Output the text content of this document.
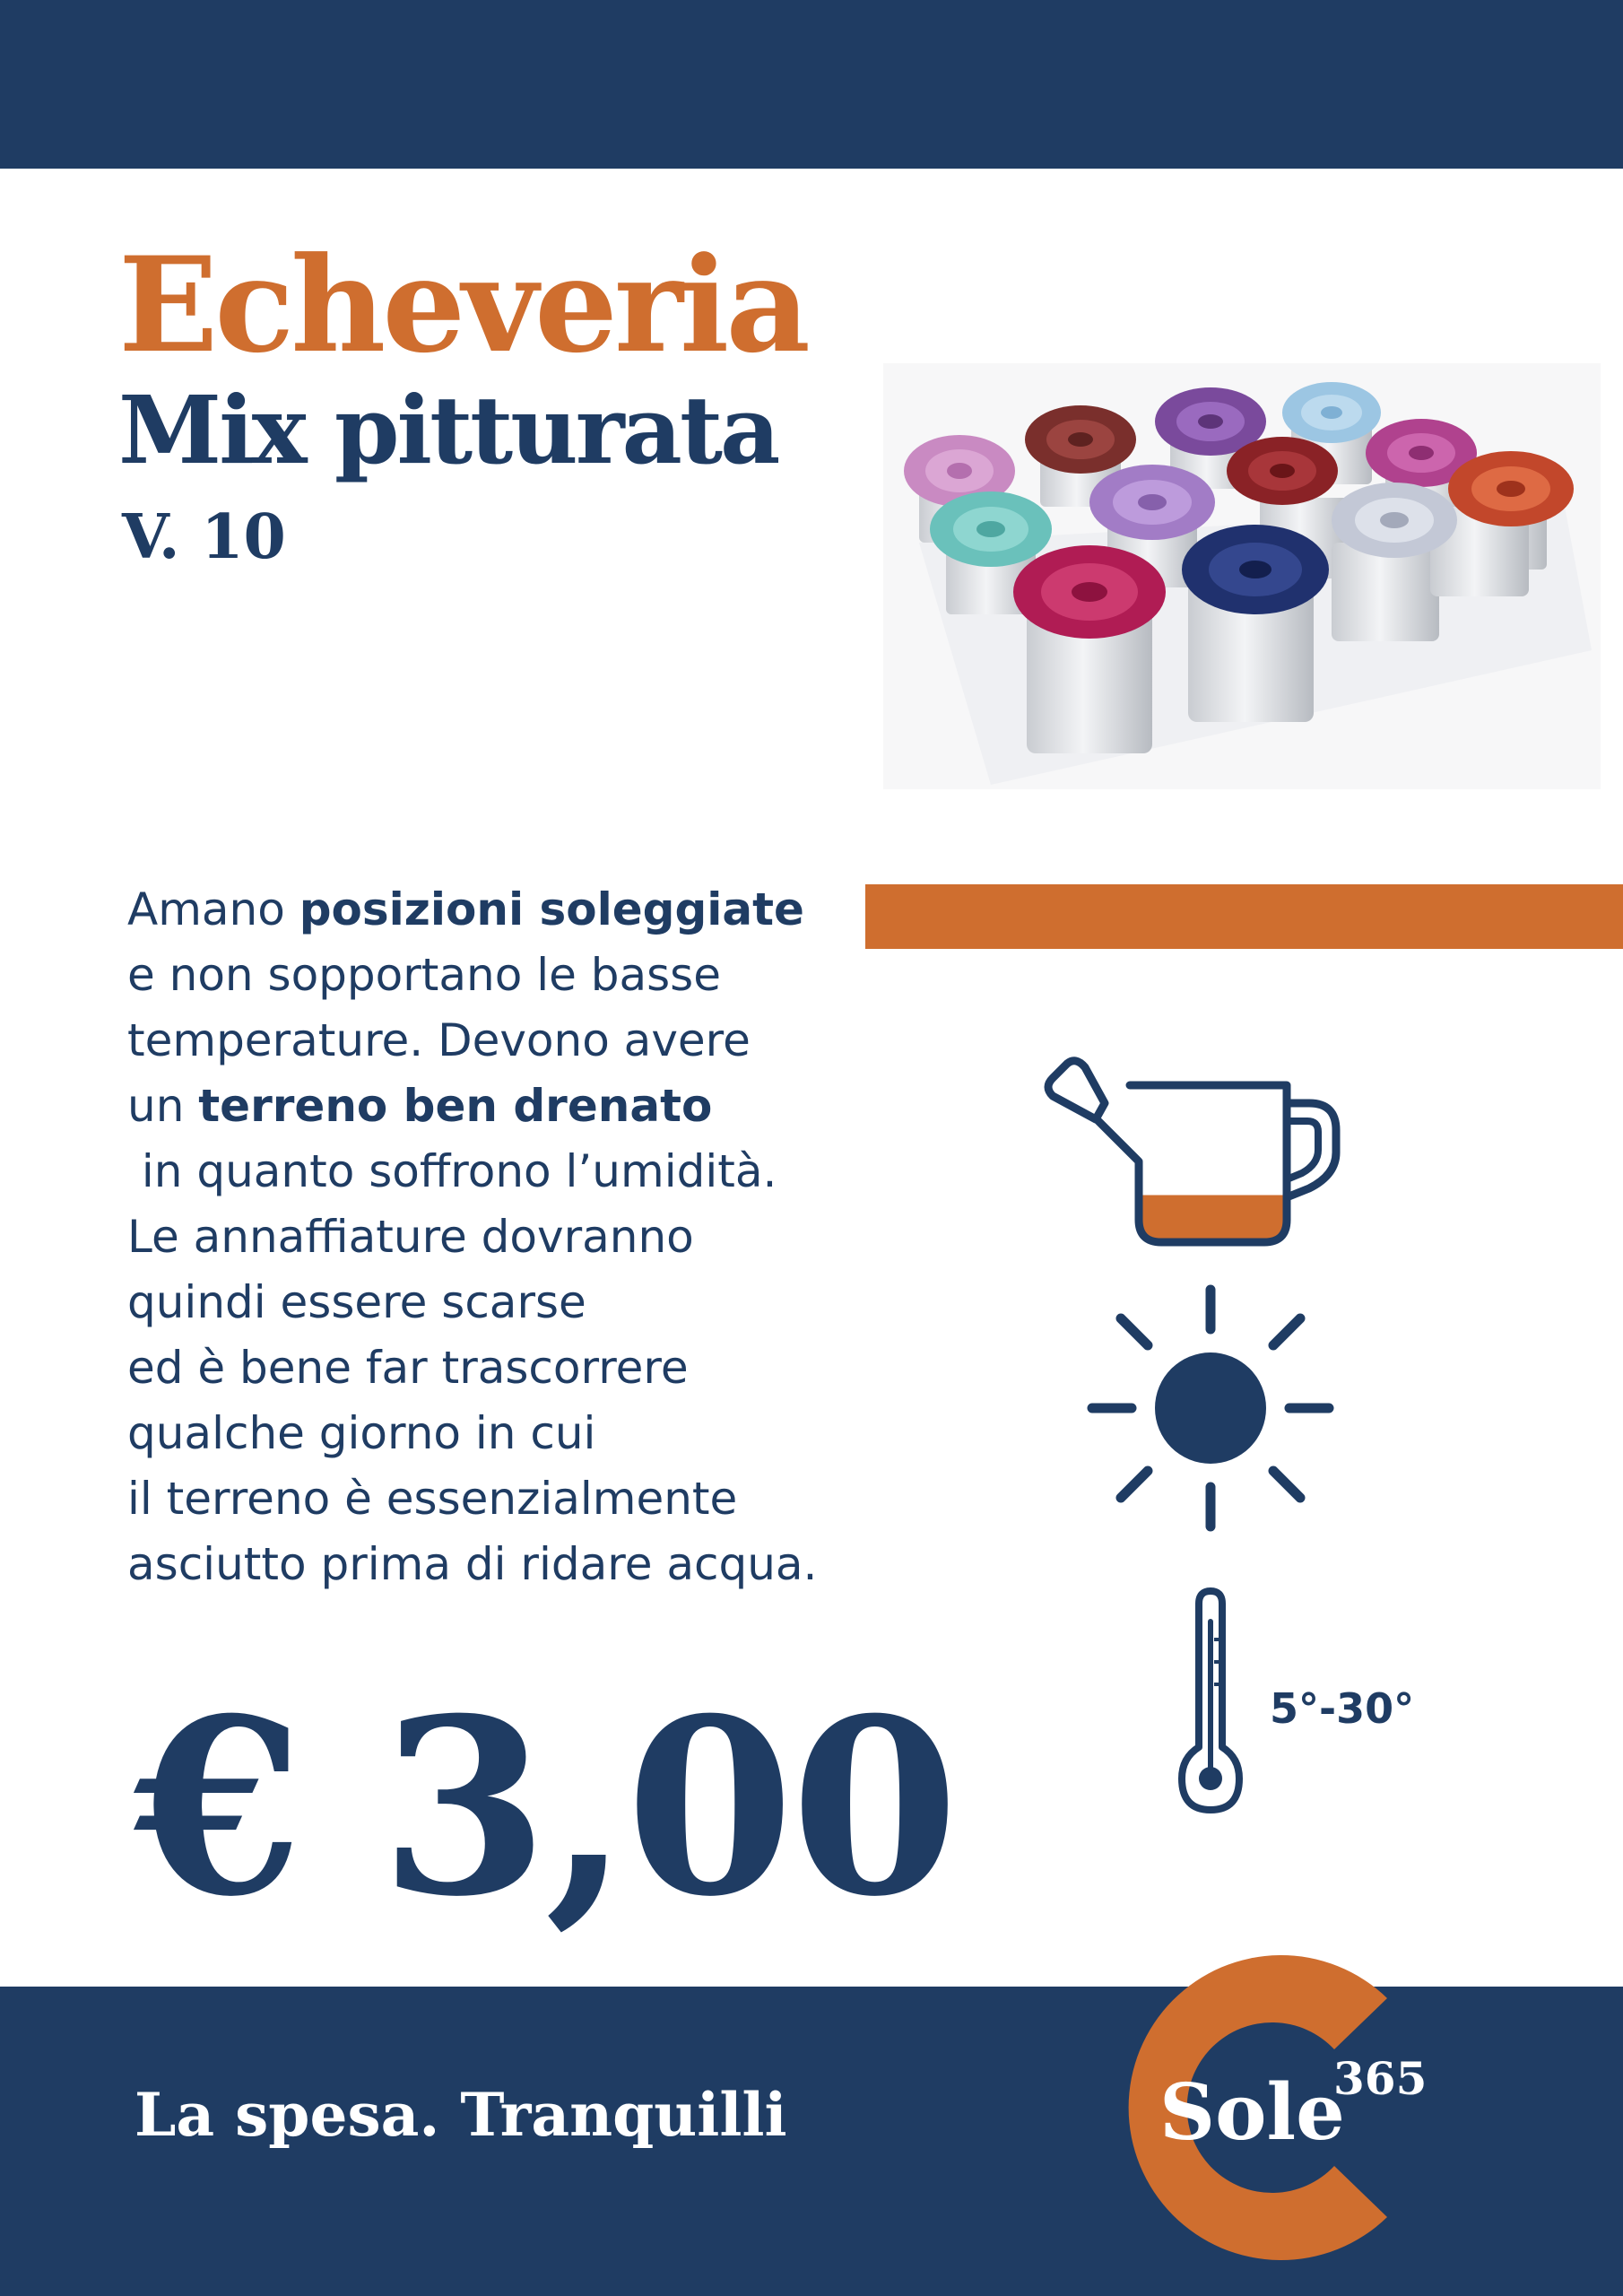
Echeveria
Mix pitturata
V. 10

Amano posizioni soleggiate
e non sopportano le basse
temperature. Devono avere
un terreno ben drenato
in quanto soffrono l’umidità.
Le annaffiature dovranno
quindi essere scarse
ed è bene far trascorrere
qualche giorno in cui
il terreno è essenzialmente
asciutto prima di ridare acqua.

5°-30°
€ 3,00
La spesa. Tranquilli	Sole
365
